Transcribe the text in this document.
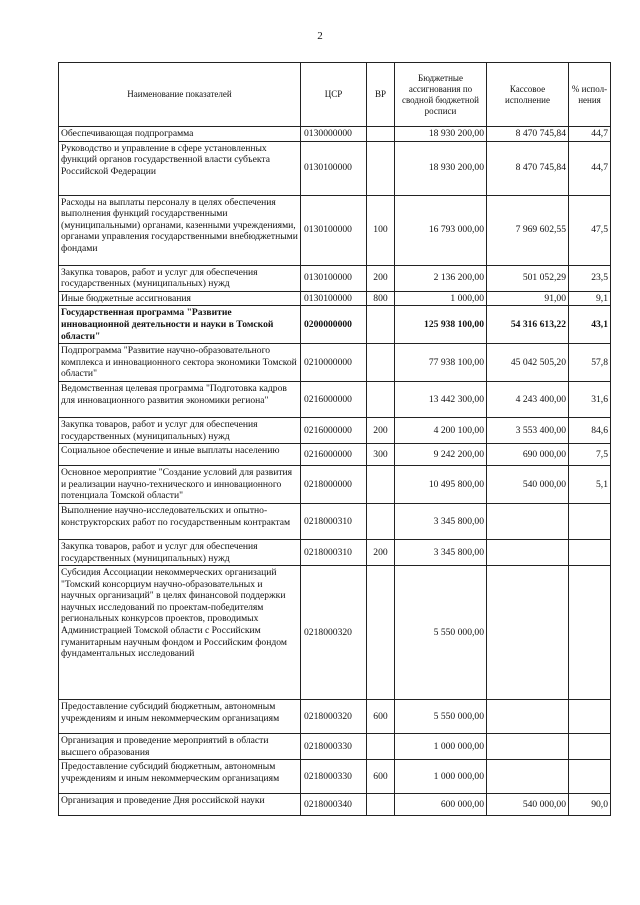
2
Наименование показателей	ЦСР	ВР	Бюджетные ассигнования по сводной бюджетной росписи	Кассовое исполнение	% испол-нения
Обеспечивающая подпрограмма	0130000000		18 930 200,00	8 470 745,84	44,7
Руководство и управление в сфере установленных функций органов государственной власти субъекта Российской Федерации	0130100000		18 930 200,00	8 470 745,84	44,7
Расходы на выплаты персоналу в целях обеспечения выполнения функций государственными (муниципальными) органами, казенными учреждениями, органами управления государственными внебюджетными фондами	0130100000	100	16 793 000,00	7 969 602,55	47,5
Закупка товаров, работ и услуг для обеспечения государственных (муниципальных) нужд	0130100000	200	2 136 200,00	501 052,29	23,5
Иные бюджетные ассигнования	0130100000	800	1 000,00	91,00	9,1
Государственная программа "Развитие инновационной деятельности и науки в Томской области"	0200000000		125 938 100,00	54 316 613,22	43,1
Подпрограмма "Развитие научно-образовательного комплекса и инновационного сектора экономики Томской области"	0210000000		77 938 100,00	45 042 505,20	57,8
Ведомственная целевая программа "Подготовка кадров для инновационного развития экономики региона"	0216000000		13 442 300,00	4 243 400,00	31,6
Закупка товаров, работ и услуг для обеспечения государственных (муниципальных) нужд	0216000000	200	4 200 100,00	3 553 400,00	84,6
Социальное обеспечение и иные выплаты населению	0216000000	300	9 242 200,00	690 000,00	7,5
Основное мероприятие "Создание условий для развития и реализации научно-технического и инновационного потенциала Томской области"	0218000000		10 495 800,00	540 000,00	5,1
Выполнение научно-исследовательских и опытно-конструкторских работ по государственным контрактам	0218000310		3 345 800,00		
Закупка товаров, работ и услуг для обеспечения государственных (муниципальных) нужд	0218000310	200	3 345 800,00		
Субсидия Ассоциации некоммерческих организаций "Томский консорциум научно-образовательных и научных организаций" в целях финансовой поддержки научных исследований по проектам-победителям региональных конкурсов проектов, проводимых Администрацией Томской области с Российским гуманитарным научным фондом и Российским фондом фундаментальных исследований	0218000320		5 550 000,00		
Предоставление субсидий бюджетным, автономным учреждениям и иным некоммерческим организациям	0218000320	600	5 550 000,00		
Организация и проведение мероприятий в области высшего образования	0218000330		1 000 000,00		
Предоставление субсидий бюджетным, автономным учреждениям и иным некоммерческим организациям	0218000330	600	1 000 000,00		
Организация и проведение Дня российской науки	0218000340		600 000,00	540 000,00	90,0
